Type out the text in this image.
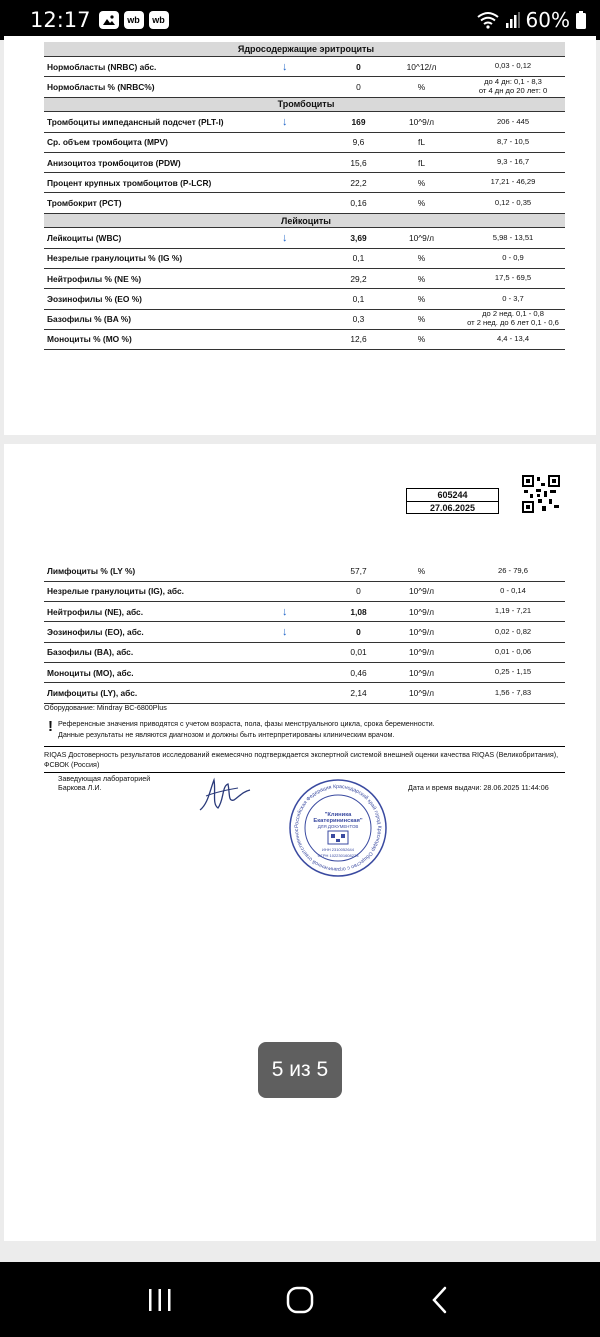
12:17	wb	wb	60%
Ядросодержащие эритроциты				
Нормобласты (NRBC) абс.	↓	0	10^12/л	0,03 - 0,12

Нормобласты % (NRBC%)		0	%	до 4 дн: 0,1 - 8,3
от 4 дн до 20 лет: 0

Тромбоциты				
Тромбоциты импедансный подсчет (PLT-I)	↓	169	10^9/л	206 - 445

Ср. объем тромбоцита (MPV)		9,6	fL	8,7 - 10,5

Анизоцитоз тромбоцитов (PDW)		15,6	fL	9,3 - 16,7

Процент крупных тромбоцитов (P-LCR)		22,2	%	17,21 - 46,29

Тромбокрит (PCT)		0,16	%	0,12 - 0,35

Лейкоциты				
Лейкоциты (WBC)	↓	3,69	10^9/л	5,98 - 13,51

Незрелые гранулоциты % (IG %)		0,1	%	0 - 0,9

Нейтрофилы % (NE %)		29,2	%	17,5 - 69,5

Эозинофилы % (EO %)		0,1	%	0 - 3,7

Базофилы % (BA %)		0,3	%	до 2 нед. 0,1 - 0,8
от 2 нед. до 6 лет 0,1 - 0,6

Моноциты % (MO %)		12,6	%	4,4 - 13,4
605244
27.06.2025
Лимфоциты % (LY %)		57,7	%	26 - 79,6

Незрелые гранулоциты (IG), абс.		0	10^9/л	0 - 0,14

Нейтрофилы (NE), абс.	↓	1,08	10^9/л	1,19 - 7,21

Эозинофилы (EO), абс.	↓	0	10^9/л	0,02 - 0,82

Базофилы (BA), абс.		0,01	10^9/л	0,01 - 0,06

Моноциты (MO), абс.		0,46	10^9/л	0,25 - 1,15

Лимфоциты (LY), абс.		2,14	10^9/л	1,56 - 7,83
Оборудование: Mindray BC-6800Plus
! Референсные значения приводятся с учетом возраста, пола, фазы менструального цикла, срока беременности.
Данные результаты не являются диагнозом и должны быть интерпретированы клиническим врачом.
RIQAS Достоверность результатов исследований ежемесячно подтверждается экспертной системой внешней оценки качества RIQAS (Великобритания), ФСВОК (Россия)
Заведующая лабораторией
Баркова Л.И.	Дата и время выдачи: 28.06.2025 11:44:06
Российская Федерация Краснодарский край город Краснодар Общество с ограниченной ответственнос
"Клиника
Екатерининская"
ДЛЯ ДОКУМЕНТОВ
ИНН 2310052644
ОГРН 1022301608223
5 из 5
